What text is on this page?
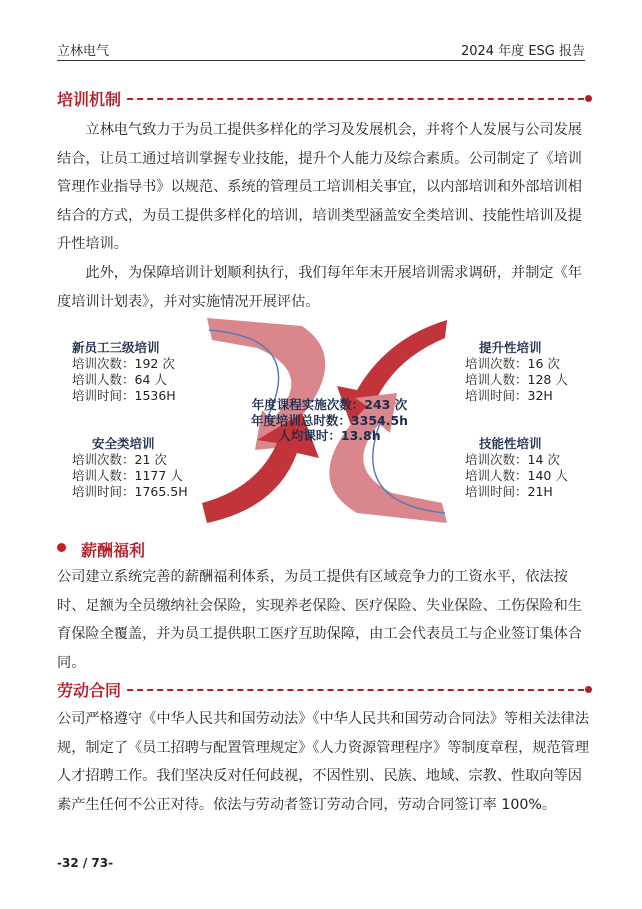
立林电气	2024 年度 ESG 报告
培训机制
立林电气致力于为员工提供多样化的学习及发展机会，并将个人发展与公司发展结合，让员工通过培训掌握专业技能，提升个人能力及综合素质。公司制定了《培训管理作业指导书》以规范、系统的管理员工培训相关事宜，以内部培训和外部培训相结合的方式，为员工提供多样化的培训，培训类型涵盖安全类培训、技能性培训及提升性培训。
此外，为保障培训计划顺利执行，我们每年年末开展培训需求调研，并制定《年度培训计划表》，并对实施情况开展评估。
新员工三级培训
培训次数：192 次
培训人数：64 人
培训时间：1536H
安全类培训
培训次数：21 次
培训人数：1177 人
培训时间：1765.5H
提升性培训
培训次数：16 次
培训人数：128 人
培训时间：32H
技能性培训
培训次数：14 次
培训人数：140 人
培训时间：21H
年度课程实施次数：243 次
年度培训总时数：3354.5h
人均课时：13.8h
薪酬福利
公司建立系统完善的薪酬福利体系，为员工提供有区域竞争力的工资水平，依法按时、足额为全员缴纳社会保险，实现养老保险、医疗保险、失业保险、工伤保险和生育保险全覆盖，并为员工提供职工医疗互助保障，由工会代表员工与企业签订集体合同。
劳动合同
公司严格遵守《中华人民共和国劳动法》《中华人民共和国劳动合同法》等相关法律法规，制定了《员工招聘与配置管理规定》《人力资源管理程序》等制度章程，规范管理人才招聘工作。我们坚决反对任何歧视，不因性别、民族、地域、宗教、性取向等因素产生任何不公正对待。依法与劳动者签订劳动合同，劳动合同签订率 100%。
-32 / 73-
